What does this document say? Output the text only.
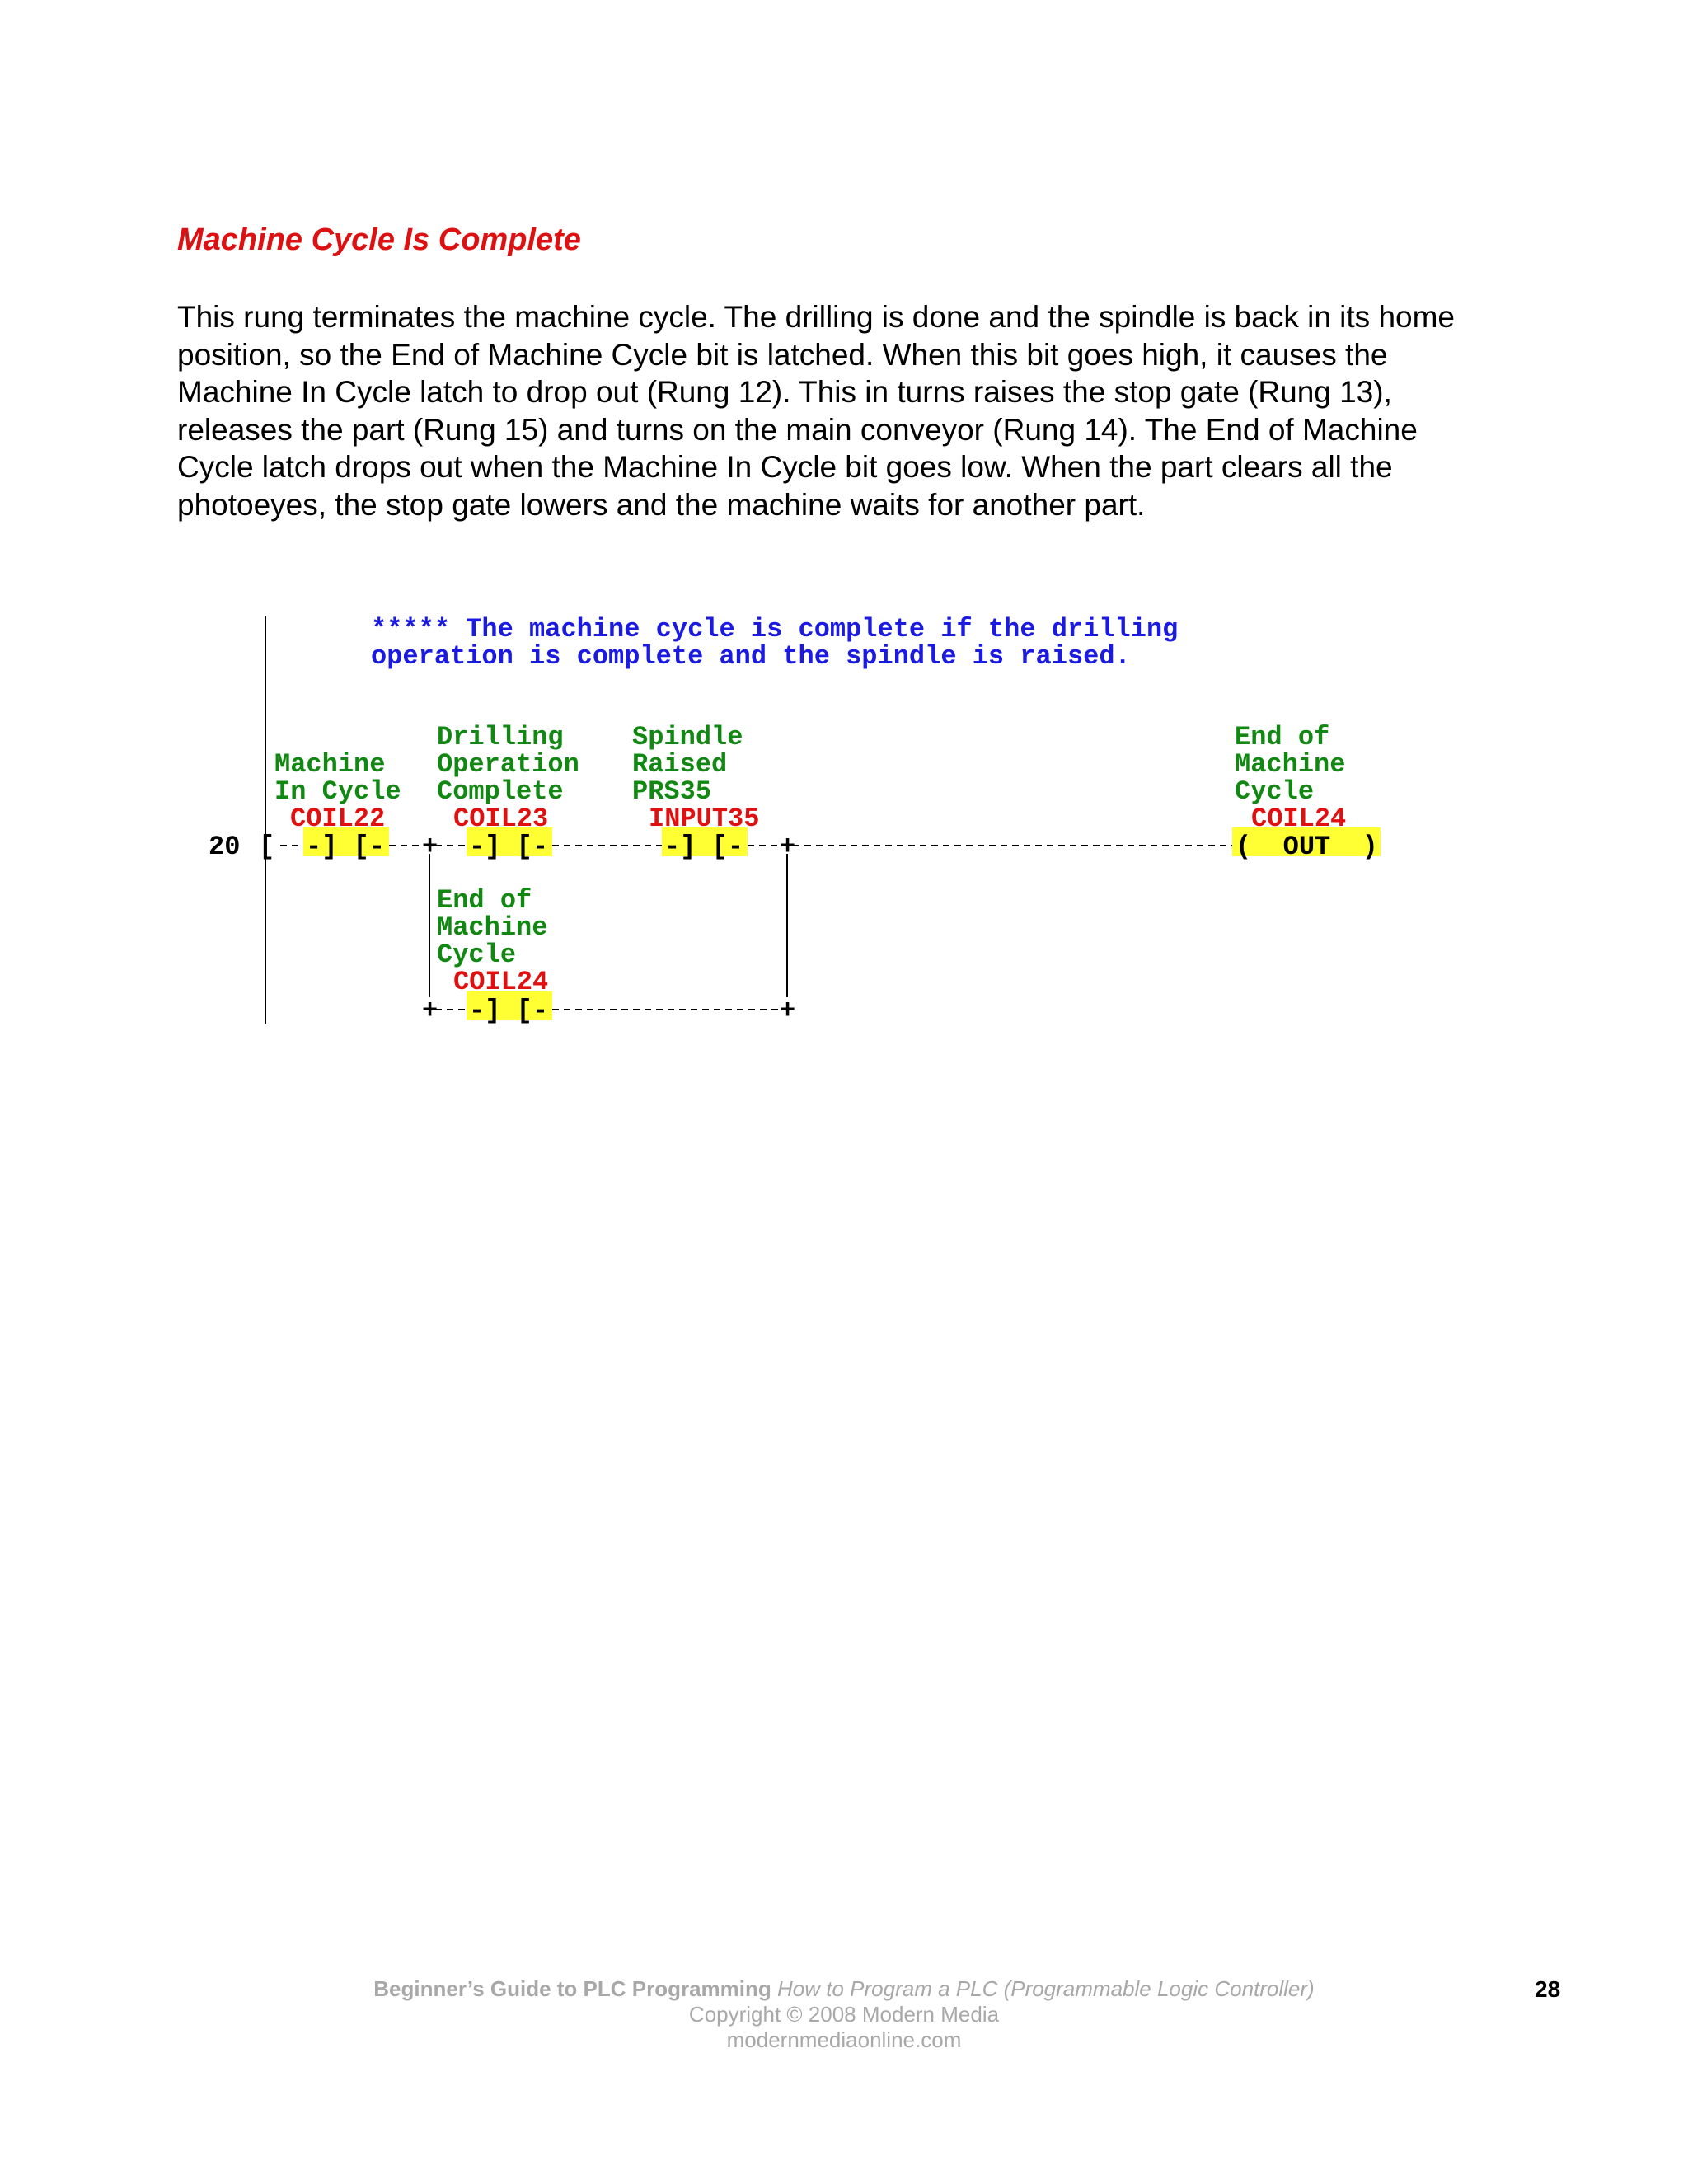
Machine Cycle Is Complete
This rung terminates the machine cycle. The drilling is done and the spindle is back in its home
position, so the End of Machine Cycle bit is latched. When this bit goes high, it causes the
Machine In Cycle latch to drop out (Rung 12). This in turns raises the stop gate (Rung 13),
releases the part (Rung 15) and turns on the main conveyor (Rung 14). The End of Machine
Cycle latch drops out when the Machine In Cycle bit goes low. When the part clears all the
photoeyes, the stop gate lowers and the machine waits for another part.
***** The machine cycle is complete if the drilling
operation is complete and the spindle is raised.
+	+
+	+
20 [
Machine
In Cycle
COIL22
-] [-
Drilling
Operation
Complete
COIL23
-] [-
Spindle
Raised
PRS35
INPUT35
-] [-
End of
Machine
Cycle
COIL24
(  OUT  )
End of
Machine
Cycle
COIL24
-] [-
Beginner’s Guide to PLC Programming How to Program a PLC (Programmable Logic Controller)
Copyright © 2008 Modern Media
modernmediaonline.com
28
